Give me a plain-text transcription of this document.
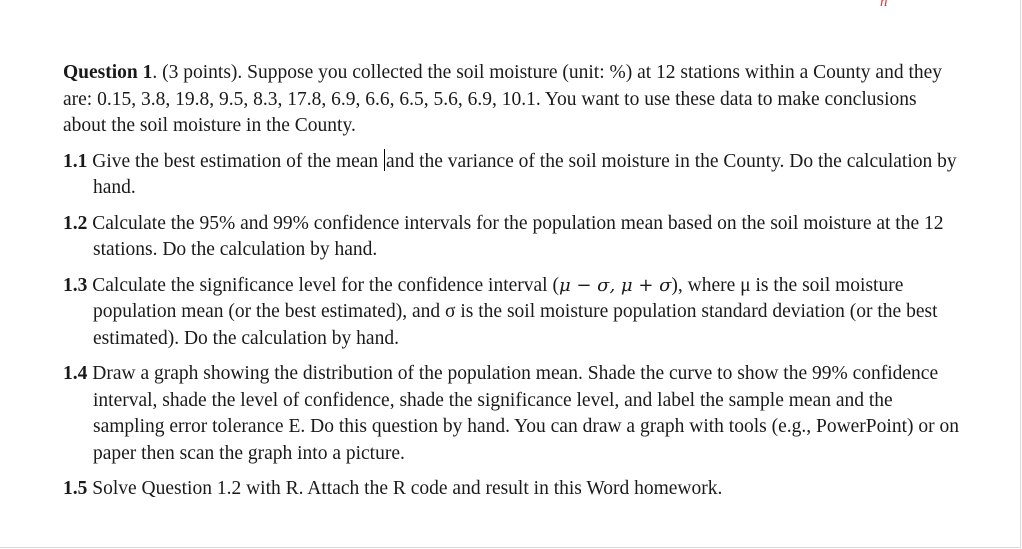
n

Question 1. (3 points). Suppose you collected the soil moisture (unit: %) at 12 stations within a County and they are: 0.15, 3.8, 19.8, 9.5, 8.3, 17.8, 6.9, 6.6, 6.5, 5.6, 6.9, 10.1. You want to use these data to make conclusions about the soil moisture in the County.

1.1 Give the best estimation of the mean and the variance of the soil moisture in the County. Do the calculation by hand.
1.2 Calculate the 95% and 99% confidence intervals for the population mean based on the soil moisture at the 12 stations. Do the calculation by hand.
1.3 Calculate the significance level for the confidence interval (μ − σ, μ + σ), where μ is the soil moisture population mean (or the best estimated), and σ is the soil moisture population standard deviation (or the best estimated). Do the calculation by hand.
1.4 Draw a graph showing the distribution of the population mean. Shade the curve to show the 99% confidence interval, shade the level of confidence, shade the significance level, and label the sample mean and the sampling error tolerance E. Do this question by hand. You can draw a graph with tools (e.g., PowerPoint) or on paper then scan the graph into a picture.
1.5 Solve Question 1.2 with R. Attach the R code and result in this Word homework.
